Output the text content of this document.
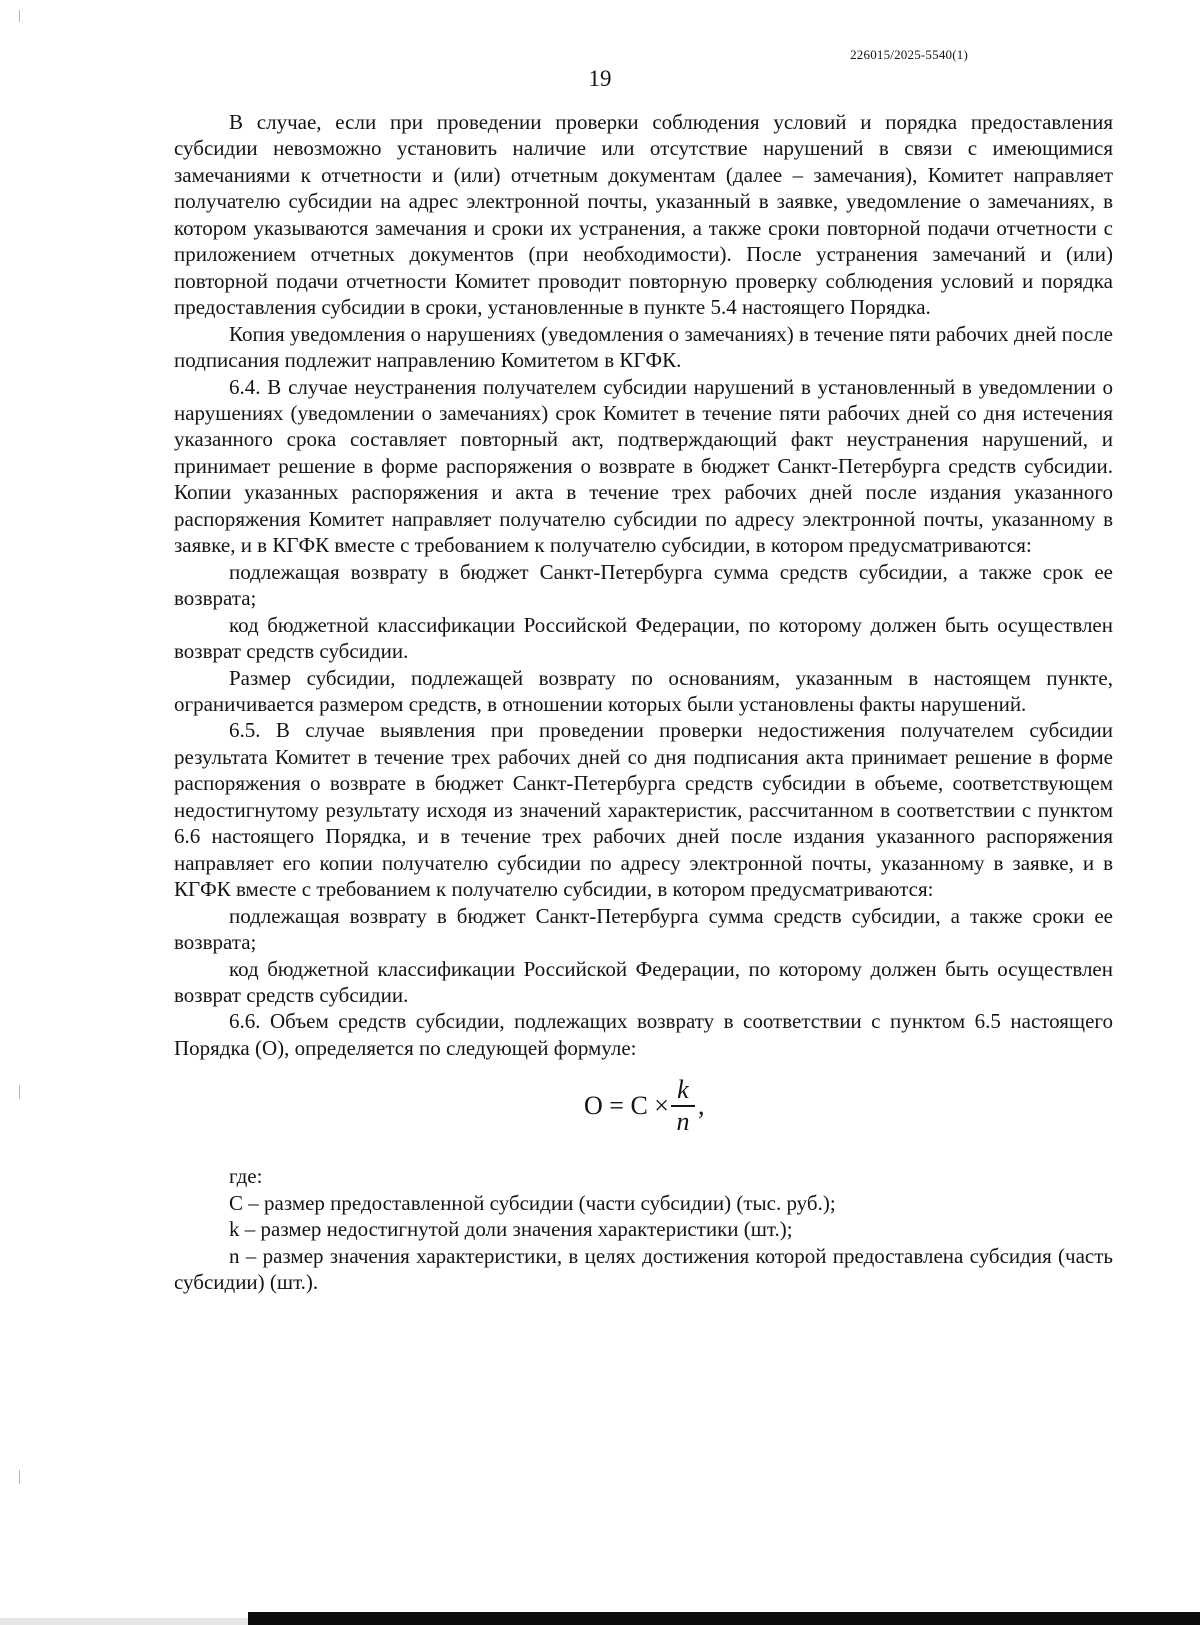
226015/2025-5540(1)
19

В случае, если при проведении проверки соблюдения условий и порядка предоставления субсидии невозможно установить наличие или отсутствие нарушений в связи с имеющимися замечаниями к отчетности и (или) отчетным документам (далее – замечания), Комитет направляет получателю субсидии на адрес электронной почты, указанный в заявке, уведомление о замечаниях, в котором указываются замечания и сроки их устранения, а также сроки повторной подачи отчетности с приложением отчетных документов (при необходимости). После устранения замечаний и (или) повторной подачи отчетности Комитет проводит повторную проверку соблюдения условий и порядка предоставления субсидии в сроки, установленные в пункте 5.4 настоящего Порядка.

Копия уведомления о нарушениях (уведомления о замечаниях) в течение пяти рабочих дней после подписания подлежит направлению Комитетом в КГФК.

6.4. В случае неустранения получателем субсидии нарушений в установленный в уведомлении о нарушениях (уведомлении о замечаниях) срок Комитет в течение пяти рабочих дней со дня истечения указанного срока составляет повторный акт, подтверждающий факт неустранения нарушений, и принимает решение в форме распоряжения о возврате в бюджет Санкт-Петербурга средств субсидии. Копии указанных распоряжения и акта в течение трех рабочих дней после издания указанного распоряжения Комитет направляет получателю субсидии по адресу электронной почты, указанному в заявке, и в КГФК вместе с требованием к получателю субсидии, в котором предусматриваются:

подлежащая возврату в бюджет Санкт-Петербурга сумма средств субсидии, а также срок ее возврата;

код бюджетной классификации Российской Федерации, по которому должен быть осуществлен возврат средств субсидии.

Размер субсидии, подлежащей возврату по основаниям, указанным в настоящем пункте, ограничивается размером средств, в отношении которых были установлены факты нарушений.

6.5. В случае выявления при проведении проверки недостижения получателем субсидии результата Комитет в течение трех рабочих дней со дня подписания акта принимает решение в форме распоряжения о возврате в бюджет Санкт-Петербурга средств субсидии в объеме, соответствующем недостигнутому результату исходя из значений характеристик, рассчитанном в соответствии с пунктом 6.6 настоящего Порядка, и в течение трех рабочих дней после издания указанного распоряжения направляет его копии получателю субсидии по адресу электронной почты, указанному в заявке, и в КГФК вместе с требованием к получателю субсидии, в котором предусматриваются:

подлежащая возврату в бюджет Санкт-Петербурга сумма средств субсидии, а также сроки ее возврата;

код бюджетной классификации Российской Федерации, по которому должен быть осуществлен возврат средств субсидии.

6.6. Объем средств субсидии, подлежащих возврату в соответствии с пунктом 6.5 настоящего Порядка (О), определяется по следующей формуле:

$О = С \times \frac{k}{n}$ ,

где:

С – размер предоставленной субсидии (части субсидии) (тыс. руб.);

k – размер недостигнутой доли значения характеристики (шт.);

n – размер значения характеристики, в целях достижения которой предоставлена субсидия (часть субсидии) (шт.).
